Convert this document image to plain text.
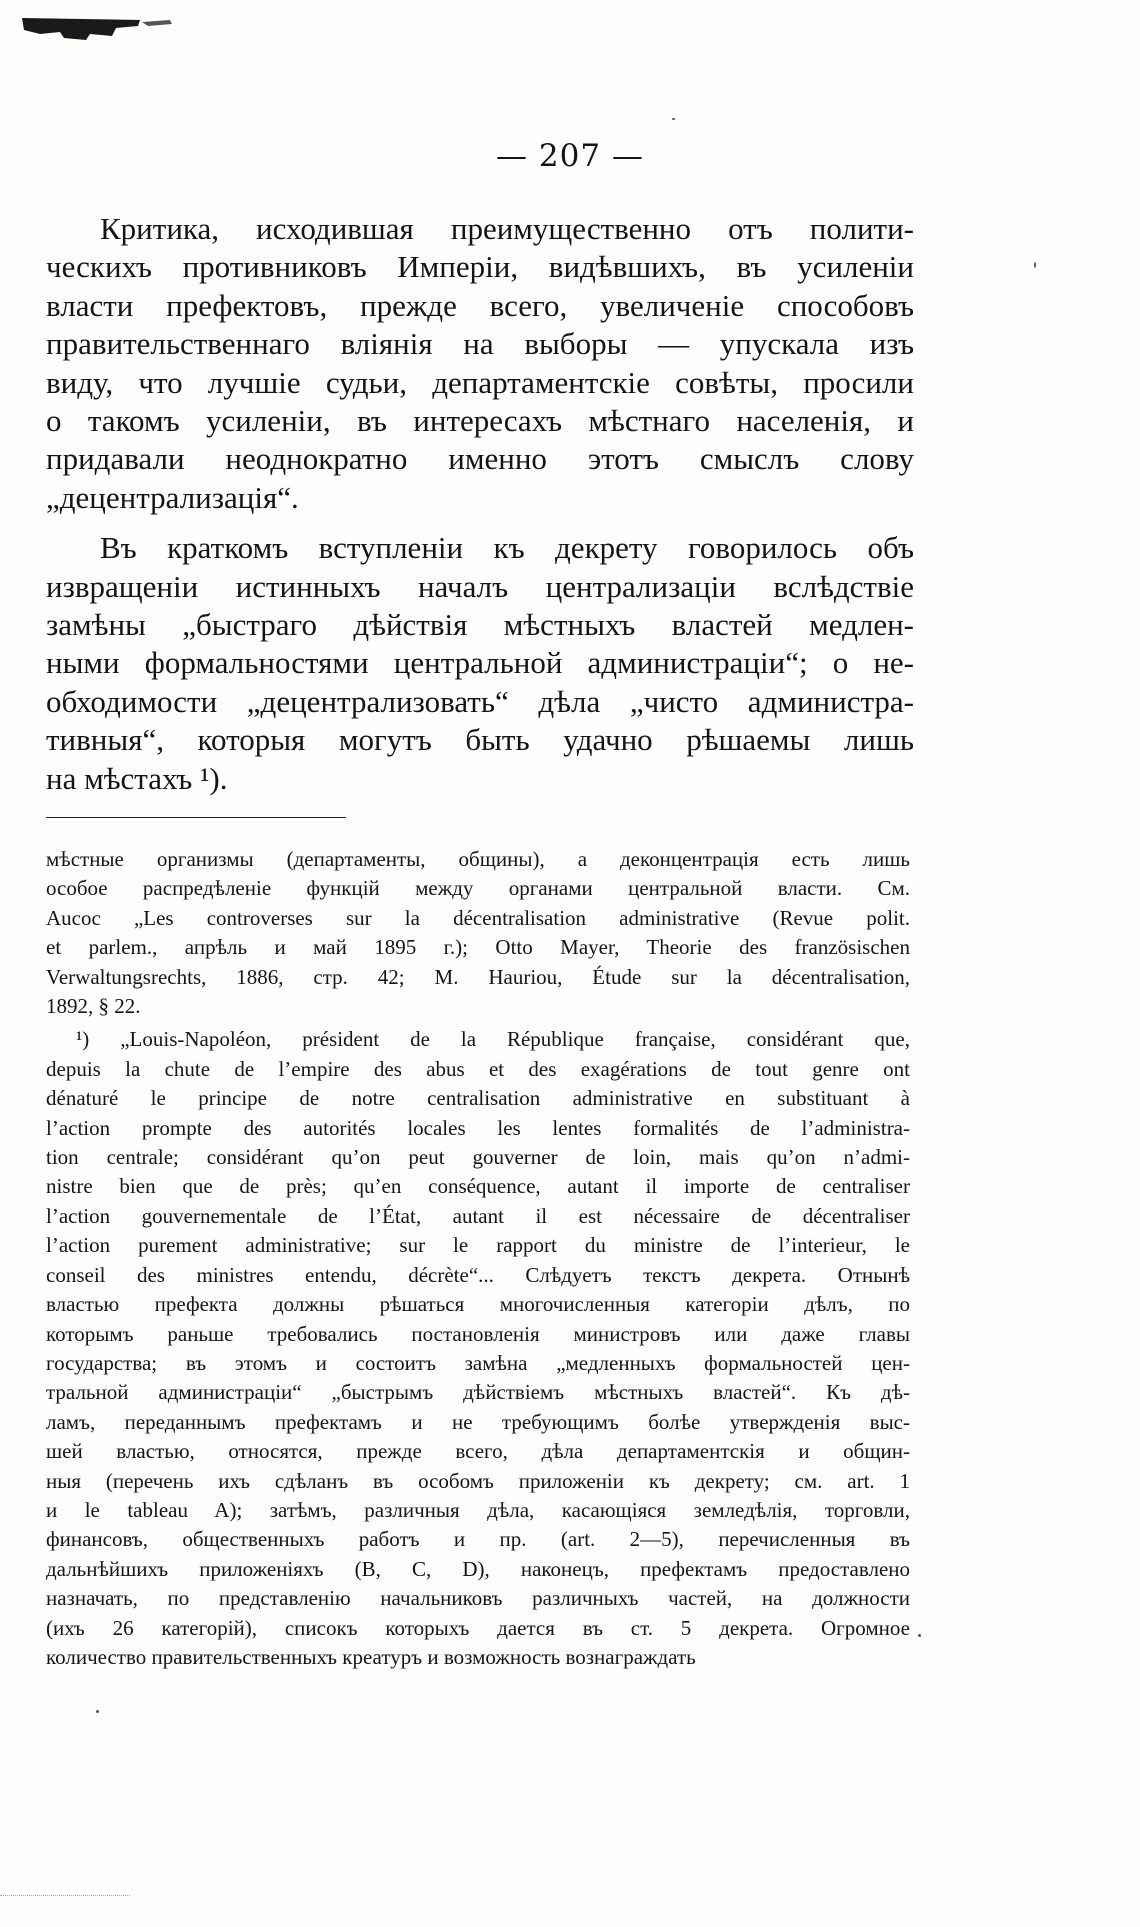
— 207 —
Критика, исходившая преимущественно отъ полити-
ческихъ противниковъ Имперіи, видѣвшихъ, въ усиленіи
власти префектовъ, прежде всего, увеличеніе способовъ
правительственнаго вліянія на выборы — упускала изъ
виду, что лучшіе судьи, департаментскіе совѣты, просили
о такомъ усиленіи, въ интересахъ мѣстнаго населенія, и
придавали неоднократно именно этотъ смыслъ слову
„децентрализація“.
Въ краткомъ вступленіи къ декрету говорилось объ
извращеніи истинныхъ началъ централизаціи вслѣдствіе
замѣны „быстраго дѣйствія мѣстныхъ властей медлен-
ными формальностями центральной администраціи“; о не-
обходимости „децентрализовать“ дѣла „чисто администра-
тивныя“, которыя могутъ быть удачно рѣшаемы лишь
на мѣстахъ ¹).
мѣстные организмы (департаменты, общины), а деконцентрація есть лишь
особое распредѣленіе функцій между органами центральной власти. См.
Aucoc „Les controverses sur la décentralisation administrative (Revue polit.
et parlem., апрѣль и май 1895 г.); Otto Mayer, Theorie des französischen
Verwaltungsrechts, 1886, стр. 42; M. Hauriou, Étude sur la décentralisation,
1892, § 22.
¹) „Louis-Napoléon, président de la République française, considérant que,
depuis la chute de l’empire des abus et des exagérations de tout genre ont
dénaturé le principe de notre centralisation administrative en substituant à
l’action prompte des autorités locales les lentes formalités de l’administra-
tion centrale; considérant qu’on peut gouverner de loin, mais qu’on n’admi-
nistre bien que de près; qu’en conséquence, autant il importe de centraliser
l’action gouvernementale de l’État, autant il est nécessaire de décentraliser
l’action purement administrative; sur le rapport du ministre de l’interieur, le
conseil des ministres entendu, décrète“... Слѣдуетъ текстъ декрета. Отнынѣ
властью префекта должны рѣшаться многочисленныя категоріи дѣлъ, по
которымъ раньше требовались постановленія министровъ или даже главы
государства; въ этомъ и состоитъ замѣна „медленныхъ формальностей цен-
тральной администраціи“ „быстрымъ дѣйствіемъ мѣстныхъ властей“. Къ дѣ-
ламъ, переданнымъ префектамъ и не требующимъ болѣе утвержденія выс-
шей властью, относятся, прежде всего, дѣла департаментскія и общин-
ныя (перечень ихъ сдѣланъ въ особомъ приложеніи къ декрету; см. art. 1
и le tableau A); затѣмъ, различныя дѣла, касающіяся земледѣлія, торговли,
финансовъ, общественныхъ работъ и пр. (art. 2—5), перечисленныя въ
дальнѣйшихъ приложеніяхъ (B, C, D), наконецъ, префектамъ предоставлено
назначать, по представленію начальниковъ различныхъ частей, на должности
(ихъ 26 категорій), списокъ которыхъ дается въ ст. 5 декрета. Огромное
количество правительственныхъ креатуръ и возможность вознаграждать
